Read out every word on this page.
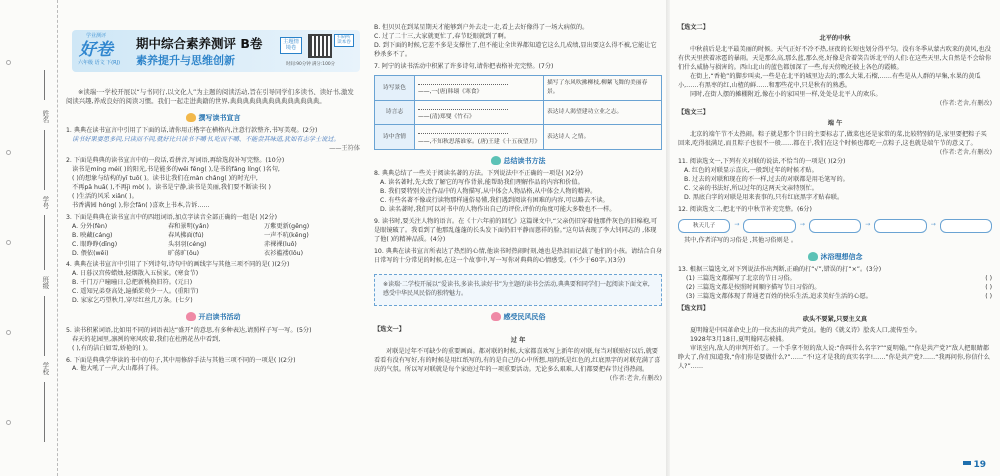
姓名
学号
班级
学校
学业测评
好卷
六年级 语文 下(RJ)
期中综合素养测评 B卷
素养提升与思维创新
主题情境卷
扫码听读本卷
时间:90分钟 满分:100分
※读瑞·一学校开展以“与书同行,以文化人”为主题的阅读活动,旨在引导同学们多读书、读好书,激发阅读兴趣,养成良好的阅读习惯。我们一起走进典籍的世界,典典典典典典典典典典典典典典。
撰写读书宣言
1. 典典在读书宣言中引用了下面的话,请你用正楷字在横格内,注意行款整齐,书写美观。(2分)
读书好果要思多问,只读而不问,就好比只读书不嚼书,吃而不嚼、不能尝其味道,犹如有志学士说过。
——王符体
2. 下面是典典的读书宣言中的一段话,看拼音,写词语,再给选段补写完整。(10分)
读书是míng méi( )的阳光,书是能多的wēi fēng( ),是书的fāng líng( )名句,
( )的想象与结构的yī tuō( )。读书让我们在màn chǎng( )的时光中,
不再pā huā( ),不再jì mò( )。读书是宁静,读书是美丽,我们要不断读书( )
( )生活的风采 xiǎn( )。
书香满园 hóng( ),你会fǎn( )喜欢上书本,告诉……
3. 下面是典典在读书宣言中的四组词语,加点字读音全部正确的一组是( )(2分)
A. 分外(fèn)	春和景明(yǎn)	万紫更新(gēng)
B. 映藏(cáng)	春风拂面(fú)	一声不吭(kēng)
C. 眼睁睁(dīng)	头羽羽(céng)	赤裸裸(luǒ)
D. 偎依(wēi)	旷荡旷(ǒu)	衣衫褴褛(lǒu)
4. 典典在读书宣言中引用了下列诗句,诗句中的画线字与其他三项不同的是( )(2分)
A. 日暮汉宫传蜡烛,轻烟散入五侯家。(寒食节)
B. 千门万户曈曈日,总把新桃换旧符。(元日)
C. 遥知兄弟登高处,遍插茱萸少一人。(重阳节)
D. 家家乞巧望秋月,穿尽红丝几万条。(七夕)
开启读书活动
5. 读书积累词语,比如用不同的词语表达“盛开”的意思,有多种表达,请照样子写一写。(5分)
春天的花园里,凛冽的寒风吹着,我们在杜鹃花丛中看到,
( ),有的洁白如雪,娇艳的( )。
6. 下面是典典学华读的书中的句子,其中用修辞手法与其他三项不同的一项是( )(2分)
A. 他大吼了一声,大山都抖了抖。
B. 但贝贝在到某星期天才能够到户外去走一走,看上去好像得了一场大病似的。
C. 过了二十三,大家就更忙了,春节眨眼就到了啊。
D. 到下面的时候,它差不多是支撑住了,但不能让全世界都知道它这么几成绩,显出要这么得不被,它能让它秒杀多不了。
7. 阿宁的读书活动中积累了许多诗句,请你把表格补充完整。(7分)
诗写景色	——,一(唐)韩翃《寒食》	描写了东风吹拂柳枝,柳絮飞舞的美丽春景。
诗言志	——(清)郑燮《竹石》	表达诗人渴望建功立业之志。
诗中含情	——,不知秋思落谁家。(唐)王建《十五夜望月》	表达诗人 之情。
总结读书方法
8. 典典总结了一些关于阅读名著的方法。下列说法中不正确的一项是( )(2分)
A. 读名著时,先大致了解它的写作背景,能帮助我们理解作品的内容和价值。
B. 我们要特别关注作品中的人物描写,从中体会人物品格,从中体会人物的精神。
C. 有些名著不像或行读物那样通俗易懂,我们遇到阅读有困难的内容,可以略去不读。
D. 读名著时,我们可以对书中的人物作出自己的评价,评价的角度可能大多数也不一样。
9. 读书时,要关注人物的语言。在《十六年前的回忆》这篇课文中,“父亲仍旧穿着他那件灰色的旧棉袍,可是眼镜破了。我看到了他那乱蓬蓬的长头发下面仍旧平静而慈祥的脸。”这句话表现了李大钊同志的 ,体现了他( )的精神品质。(4分)
10. 典典在读书宣言所表达了热烈的心情,他读书时热闹时刻,她也是热泪而记载了他们的小孩。请结合自身日常写的十分常见的时候,在这一个故事中,写一写你对典典的心情感受。(不少于60字。)(3分)
※读瑞·二学校开展以“爱读书,多读书,读好书”为主题的读书会活动,典典要和同学们一起阅读下面文章,感受中华民风民俗的独特魅力。
感受民风民俗
【选文一】
过 年
对联是过年不可缺少的重要画面。都对联的时候,大家都喜欢写上新年的对联,每当对联贴好以后,就要看看有没有写好,有的时候是用红纸写的,有的是自己的心中所想,用的纸是红色的,红底黑字的对联充满了喜庆的气氛。所以写对联就是每个家庭过年的一项重要活动。无论多么艰难,人们都要把春节过得热闹。
(作者:老舍,有删改)
【选文二】
北平的中秋
中秋前后是北平最美丽的时候。天气正好不冷不热,昼夜的长短也划分得平匀。没有冬季从蒙古吹来的黄风,也没有伏天里挟着冰雹的暴雨。天是那么高,那么蓝,那么亮,好像是含着笑告诉北平的人们:在这些天里,大自然是不会给你们什么威胁与损害的。西山北山的蓝色都加深了一些,每天傍晚还披上各色的霞帔。
在街上,“香艳”的脚步叫卖,一些是在北平的城里边去的;那么大果,石榴,……有些是从人群的早集,水果的黄瓜小,……有黑枣的红,山楂的鲜……和那些花中,只是秋有的熟悉。
同时,在街人摆的摊棚附近,像在小的家国里一样,处处是北平人的欢乐。
(作者:老舍,有删改)
【选文三】
端 午
北京的端午节不太热闹。粽子就是那个节日的主要标志了,做菜也还是家常的菜,比较特别的是,家里要把粽子买回来,吃得很满足,而且粽子也很不一般……都在于,我们在这个时候也都吃一点粽子,这也就是端午节的意义了。
(作者:老舍,有删改)
11. 阅读选文一,下列有关对联的说法,不恰当的一项是( )(2分)
A. 红色的对联显示喜庆,一般到过年的时候才贴。
B. 过去的对联和现在的不一样,过去的对联都是用毛笔写的。
C. 父亲的书法好,所以过年的这两天文亲特别忙。
D. 黑底白字的对联是用来丧事的,只有红底黑字才贴春联。
12. 阅读选文二,把北平的中秋节补充完整。(6分)
秋天儿子	→	→	→	→
其中,作者详写的习俗是 ,其他习俗则是 。
沐浴理想信念
13. 根据三篇选文,对下列说法作出判断,正确的打“√”,错误的打“×”。(3分)
(1) 三篇选文都描写了北京的节日习俗。	( )
(2) 三篇选文都是按照时间顺序描写节日习俗的。	( )
(3) 三篇选文都体现了普通老百姓的快乐生活,追求美好生活的心愿。	( )
【选文四】
砍头不要紧,只要主义真
夏明翰是中国革命史上的一位杰出的共产党员。他的《就义诗》脍炙人口,流传至今。
1928年3月18日,夏明翰同志被捕。
审讯室内,敌人的审判开始了。一个手拿不短的敌人说:“你叫什么名字?”“夏明翰。”“你是共产党?”敌人把眼睛都睁大了,你们知道我,“你们你是要做什么?”……“不!这才是我的真实名字!……”你是共产党?……“我再问你,你信什么人?”……
19
